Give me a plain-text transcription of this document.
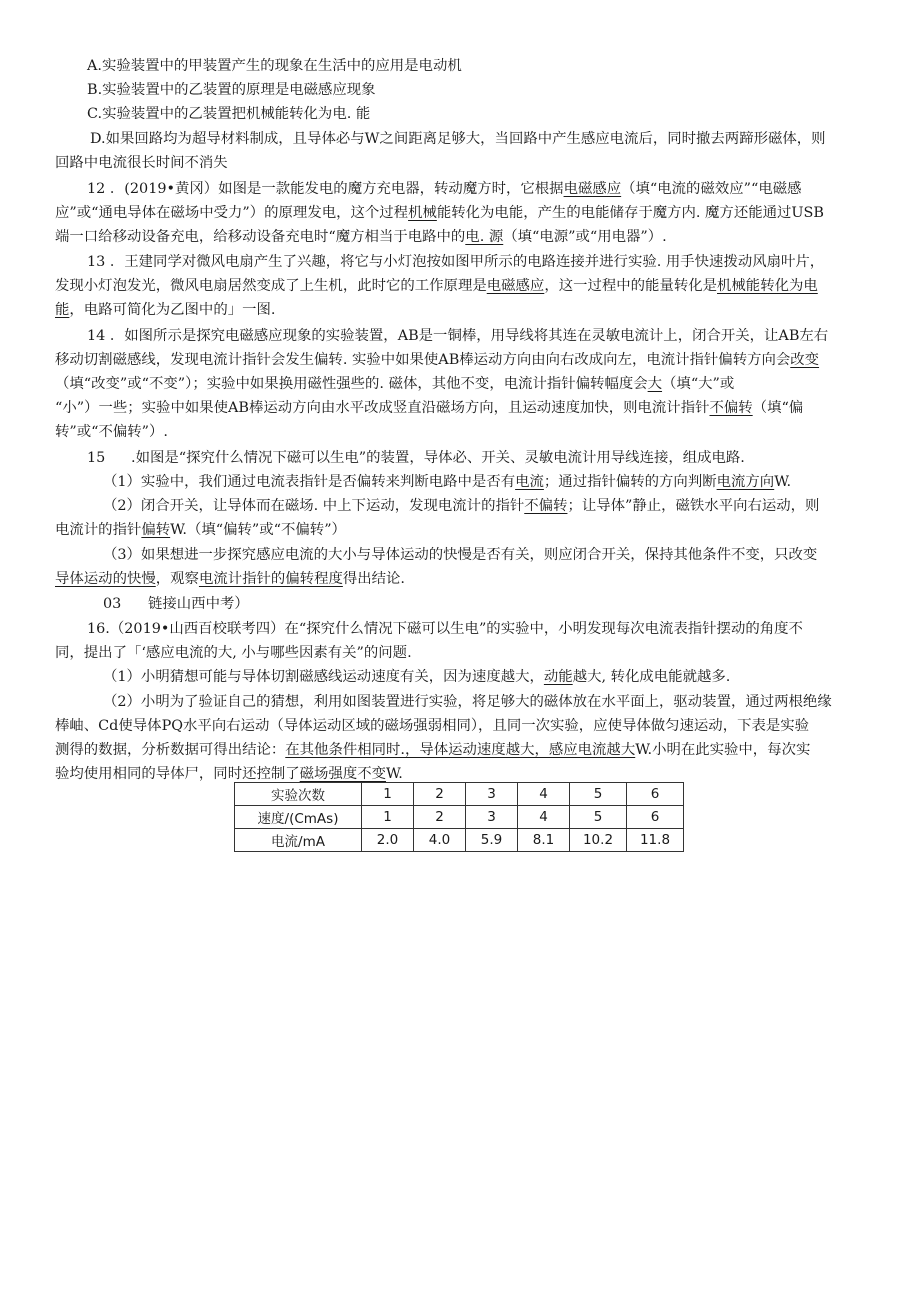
A.实验装置中的甲装置产生的现象在生活中的应用是电动机
B.实验装置中的乙装置的原理是电磁感应现象
C.实验装置中的乙装置把机械能转化为电. 能
D.如果回路均为超导材料制成，且导体必与W之间距离足够大，当回路中产生感应电流后，同时撤去两蹄形磁体，则
回路中电流很长时间不消失
12 ．(2019•黄冈）如图是一款能发电的魔方充电器，转动魔方时，它根据电磁感应（填“电流的磁效应”“电磁感
应”或“通电导体在磁场中受力”）的原理发电，这个过程机械能转化为电能，产生的电能储存于魔方内. 魔方还能通过USB
端一口给移动设备充电，给移动设备充电时“魔方相当于电路中的电. 源（填“电源”或“用电器”）.
13 ．王建同学对微风电扇产生了兴趣，将它与小灯泡按如图甲所示的电路连接并进行实验. 用手快速拨动风扇叶片，
发现小灯泡发光，微风电扇居然变成了上生机，此时它的工作原理是电磁感应，这一过程中的能量转化是机械能转化为电
能，电路可简化为乙图中的」一图.
14 ．如图所示是探究电磁感应现象的实验装置，AB是一铜棒，用导线将其连在灵敏电流计上，闭合开关，让AB左右
移动切割磁感线，发现电流计指针会发生偏转. 实验中如果使AB棒运动方向由向右改成向左，电流计指针偏转方向会改变
（填“改变”或“不变”）；实验中如果换用磁性强些的. 磁体，其他不变，电流计指针偏转幅度会大（填“大”或
“小”）一些；实验中如果使AB棒运动方向由水平改成竖直沿磁场方向，且运动速度加快，则电流计指针不偏转（填“偏
转”或“不偏转”）.
15 .如图是“探究什么情况下磁可以生电”的装置，导体必、开关、灵敏电流计用导线连接，组成电路.
（1）实验中，我们通过电流表指针是否偏转来判断电路中是否有电流；通过指针偏转的方向判断电流方向W.
（2）闭合开关，让导体而在磁场. 中上下运动，发现电流计的指针不偏转；让导体”静止，磁铁水平向右运动，则
电流计的指针偏转W.（填“偏转”或“不偏转”）
（3）如果想进一步探究感应电流的大小与导体运动的快慢是否有关，则应闭合开关，保持其他条件不变，只改变
导体运动的快慢，观察电流计指针的偏转程度得出结论.
03 链接山西中考）
16.（2019•山西百校联考四）在“探究什么情况下磁可以生电”的实验中，小明发现每次电流表指针摆动的角度不
同，提出了「‘感应电流的大, 小与哪些因素有关”的问题.
（1）小明猜想可能与导体切割磁感线运动速度有关，因为速度越大，动能越大, 转化成电能就越多.
（2）小明为了验证自己的猜想，利用如图装置进行实验，将足够大的磁体放在水平面上，驱动装置，通过两根绝缘
棒岫、Cd使导体PQ水平向右运动（导体运动区域的磁场强弱相同），且同一次实验，应使导体做匀速运动，下表是实验
测得的数据，分析数据可得出结论：在其他条件相同时.，导体运动速度越大，感应电流越大W.小明在此实验中，每次实
验均使用相同的导体尸，同时还控制了磁场强度不变W.
实验次数	1	2	3	4	5	6
速度/(CmAs)	1	2	3	4	5	6
电流/mA	2.0	4.0	5.9	8.1	10.2	11.8
